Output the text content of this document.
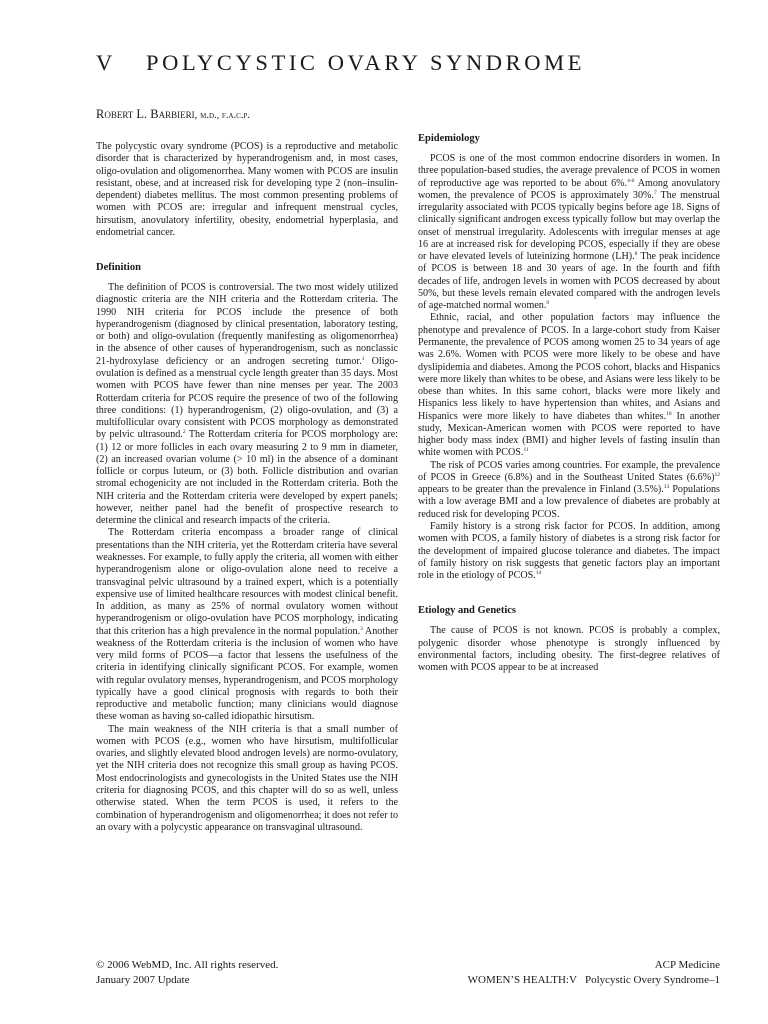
V POLYCYSTIC OVARY SYNDROME
Robert L. Barbieri, m.d., f.a.c.p.

The polycystic ovary syndrome (PCOS) is a reproductive and metabolic disorder that is characterized by hyperandrogenism and, in most cases, oligo-ovulation and oligomenorrhea. Many women with PCOS are insulin resistant, obese, and at increased risk for developing type 2 (non–insulin-dependent) diabetes mellitus. The most common presenting problems of women with PCOS are: irregular and infrequent menstrual cycles, hirsutism, anovulatory infertility, obesity, endometrial hyperplasia, and endometrial cancer.

Definition

The definition of PCOS is controversial. The two most widely utilized diagnostic criteria are the NIH criteria and the Rotterdam criteria. The 1990 NIH criteria for PCOS include the presence of both hyperandrogenism (diagnosed by clinical presentation, laboratory testing, or both) and oligo-ovulation (frequently manifesting as oligomenorrhea) in the absence of other causes of hyperandrogenism, such as nonclassic 21-hydroxylase deficiency or an androgen secreting tumor.$^1$ Oligo-ovulation is defined as a menstrual cycle length greater than 35 days. Most women with PCOS have fewer than nine menses per year. The 2003 Rotterdam criteria for PCOS require the presence of two of the following three conditions: (1) hyperandrogenism, (2) oligo-ovulation, and (3) a multifollicular ovary consistent with PCOS morphology as demonstrated by pelvic ultrasound.$^2$ The Rotterdam criteria for PCOS morphology are: (1) 12 or more follicles in each ovary measuring 2 to 9 mm in diameter, (2) an increased ovarian volume (> 10 ml) in the absence of a dominant follicle or corpus luteum, or (3) both. Follicle distribution and ovarian stromal echogenicity are not included in the Rotterdam criteria. Both the NIH criteria and the Rotterdam criteria were developed by expert panels; however, neither panel had the benefit of prospective research to determine the clinical and research impacts of the criteria.

The Rotterdam criteria encompass a broader range of clinical presentations than the NIH criteria, yet the Rotterdam criteria have several weaknesses. For example, to fully apply the criteria, all women with either hyperandrogenism alone or oligo-ovulation alone need to receive a transvaginal pelvic ultrasound by a trained expert, which is a potentially expensive use of limited healthcare resources with modest clinical benefit. In addition, as many as 25% of normal ovulatory women without hyperandrogenism or oligo-ovulation have PCOS morphology, indicating that this criterion has a high prevalence in the normal population.$^3$ Another weakness of the Rotterdam criteria is the inclusion of women who have very mild forms of PCOS—a factor that lessens the usefulness of the criteria in identifying clinically significant PCOS. For example, women with regular ovulatory menses, hyperandrogenism, and PCOS morphology typically have a good clinical prognosis with regards to both their reproductive and metabolic function; many clinicians would diagnose these woman as having so-called idiopathic hirsutism.

The main weakness of the NIH criteria is that a small number of women with PCOS (e.g., women who have hirsutism, multifollicular ovaries, and slightly elevated blood androgen levels) are normo-ovulatory, yet the NIH criteria does not recognize this small group as having PCOS. Most endocrinologists and gynecologists in the United States use the NIH criteria for diagnosing PCOS, and this chapter will do so as well, unless otherwise stated. When the term PCOS is used, it refers to the combination of hyperandrogenism and oligomenorrhea; it does not refer to an ovary with a polycystic appearance on transvaginal ultrasound.

Epidemiology

PCOS is one of the most common endocrine disorders in women. In three population-based studies, the average prevalence of PCOS in women of reproductive age was reported to be about 6%.$^{4-6}$ Among anovulatory women, the prevalence of PCOS is approximately 30%.$^7$ The menstrual irregularity associated with PCOS typically begins before age 18. Signs of clinically significant androgen excess typically follow but may overlap the onset of menstrual irregularity. Adolescents with irregular menses at age 16 are at increased risk for developing PCOS, especially if they are obese or have elevated levels of luteinizing hormone (LH).$^8$ The peak incidence of PCOS is between 18 and 30 years of age. In the fourth and fifth decades of life, androgen levels in women with PCOS decreased by about 50%, but these levels remain elevated compared with the androgen levels of age-matched normal women.$^9$

Ethnic, racial, and other population factors may influence the phenotype and prevalence of PCOS. In a large-cohort study from Kaiser Permanente, the prevalence of PCOS among women 25 to 34 years of age was 2.6%. Women with PCOS were more likely to be obese and have dyslipidemia and diabetes. Among the PCOS cohort, blacks and Hispanics were more likely than whites to be obese, and Asians were less likely to be obese than whites. In this same cohort, blacks were more likely and Hispanics less likely to have hypertension than whites, and Asians and Hispanics were more likely to have diabetes than whites.$^{10}$ In another study, Mexican-American women with PCOS were reported to have higher body mass index (BMI) and higher levels of fasting insulin than white women with PCOS.$^{11}$

The risk of PCOS varies among countries. For example, the prevalence of PCOS in Greece (6.8%) and in the Southeast United States $(6.6\%)^{12}$ appears to be greater than the prevalence in Finland (3.5%).$^{13}$ Populations with a low average BMI and a low prevalence of diabetes are probably at reduced risk for developing PCOS.

Family history is a strong risk factor for PCOS. In addition, among women with PCOS, a family history of diabetes is a strong risk factor for the development of impaired glucose tolerance and diabetes. The impact of family history on risk suggests that genetic factors play an important role in the etiology of PCOS.$^{14}$

Etiology and Genetics

The cause of PCOS is not known. PCOS is probably a complex, polygenic disorder whose phenotype is strongly influenced by environmental factors, including obesity. The first-degree relatives of women with PCOS appear to be at increased

© 2006 WebMD, Inc. All rights reserved.
January 2007 Update
ACP Medicine
WOMEN’S HEALTH:V   Polycystic Overy Syndrome–1
